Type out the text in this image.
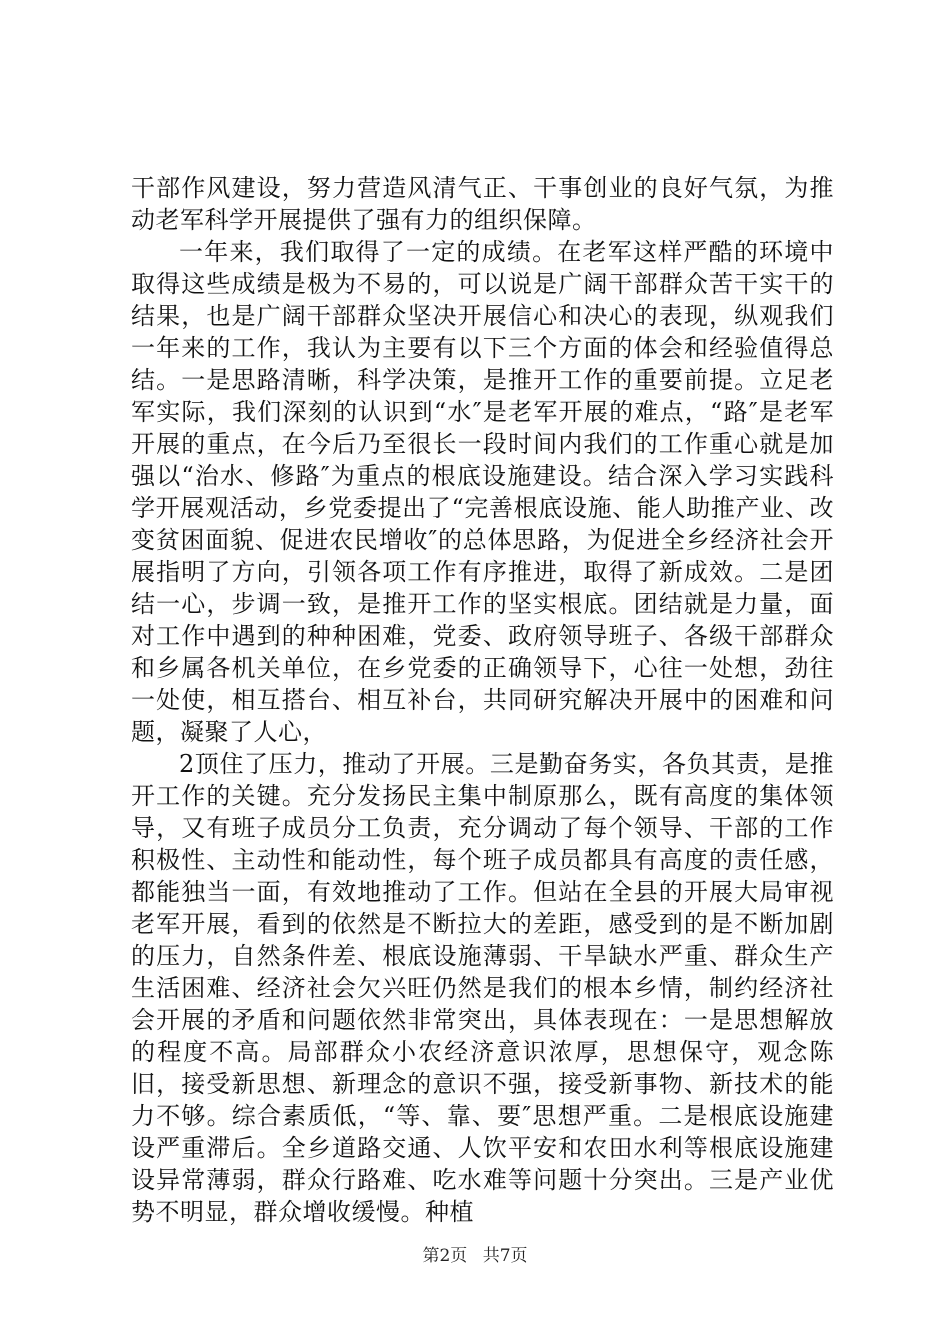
干部作风建设，努力营造风清气正、干事创业的良好气氛，为推动老军科学开展提供了强有力的组织保障。

一年来，我们取得了一定的成绩。在老军这样严酷的环境中取得这些成绩是极为不易的，可以说是广阔干部群众苦干实干的结果，也是广阔干部群众坚决开展信心和决心的表现，纵观我们一年来的工作，我认为主要有以下三个方面的体会和经验值得总结。一是思路清晰，科学决策，是推开工作的重要前提。立足老军实际，我们深刻的认识到“水″是老军开展的难点，“路″是老军开展的重点，在今后乃至很长一段时间内我们的工作重心就是加强以“治水、修路″为重点的根底设施建设。结合深入学习实践科学开展观活动，乡党委提出了“完善根底设施、能人助推产业、改变贫困面貌、促进农民增收″的总体思路，为促进全乡经济社会开展指明了方向，引领各项工作有序推进，取得了新成效。二是团结一心，步调一致，是推开工作的坚实根底。团结就是力量，面对工作中遇到的种种困难，党委、政府领导班子、各级干部群众和乡属各机关单位，在乡党委的正确领导下，心往一处想，劲往一处使，相互搭台、相互补台，共同研究解决开展中的困难和问题，凝聚了人心，

2顶住了压力，推动了开展。三是勤奋务实，各负其责，是推开工作的关键。充分发扬民主集中制原那么，既有高度的集体领导，又有班子成员分工负责，充分调动了每个领导、干部的工作积极性、主动性和能动性，每个班子成员都具有高度的责任感，都能独当一面，有效地推动了工作。但站在全县的开展大局审视老军开展，看到的依然是不断拉大的差距，感受到的是不断加剧的压力，自然条件差、根底设施薄弱、干旱缺水严重、群众生产生活困难、经济社会欠兴旺仍然是我们的根本乡情，制约经济社会开展的矛盾和问题依然非常突出，具体表现在：一是思想解放的程度不高。局部群众小农经济意识浓厚，思想保守，观念陈旧，接受新思想、新理念的意识不强，接受新事物、新技术的能力不够。综合素质低，“等、靠、要″思想严重。二是根底设施建设严重滞后。全乡道路交通、人饮平安和农田水利等根底设施建设异常薄弱，群众行路难、吃水难等问题十分突出。三是产业优势不明显，群众增收缓慢。种植

第2页 共7页
